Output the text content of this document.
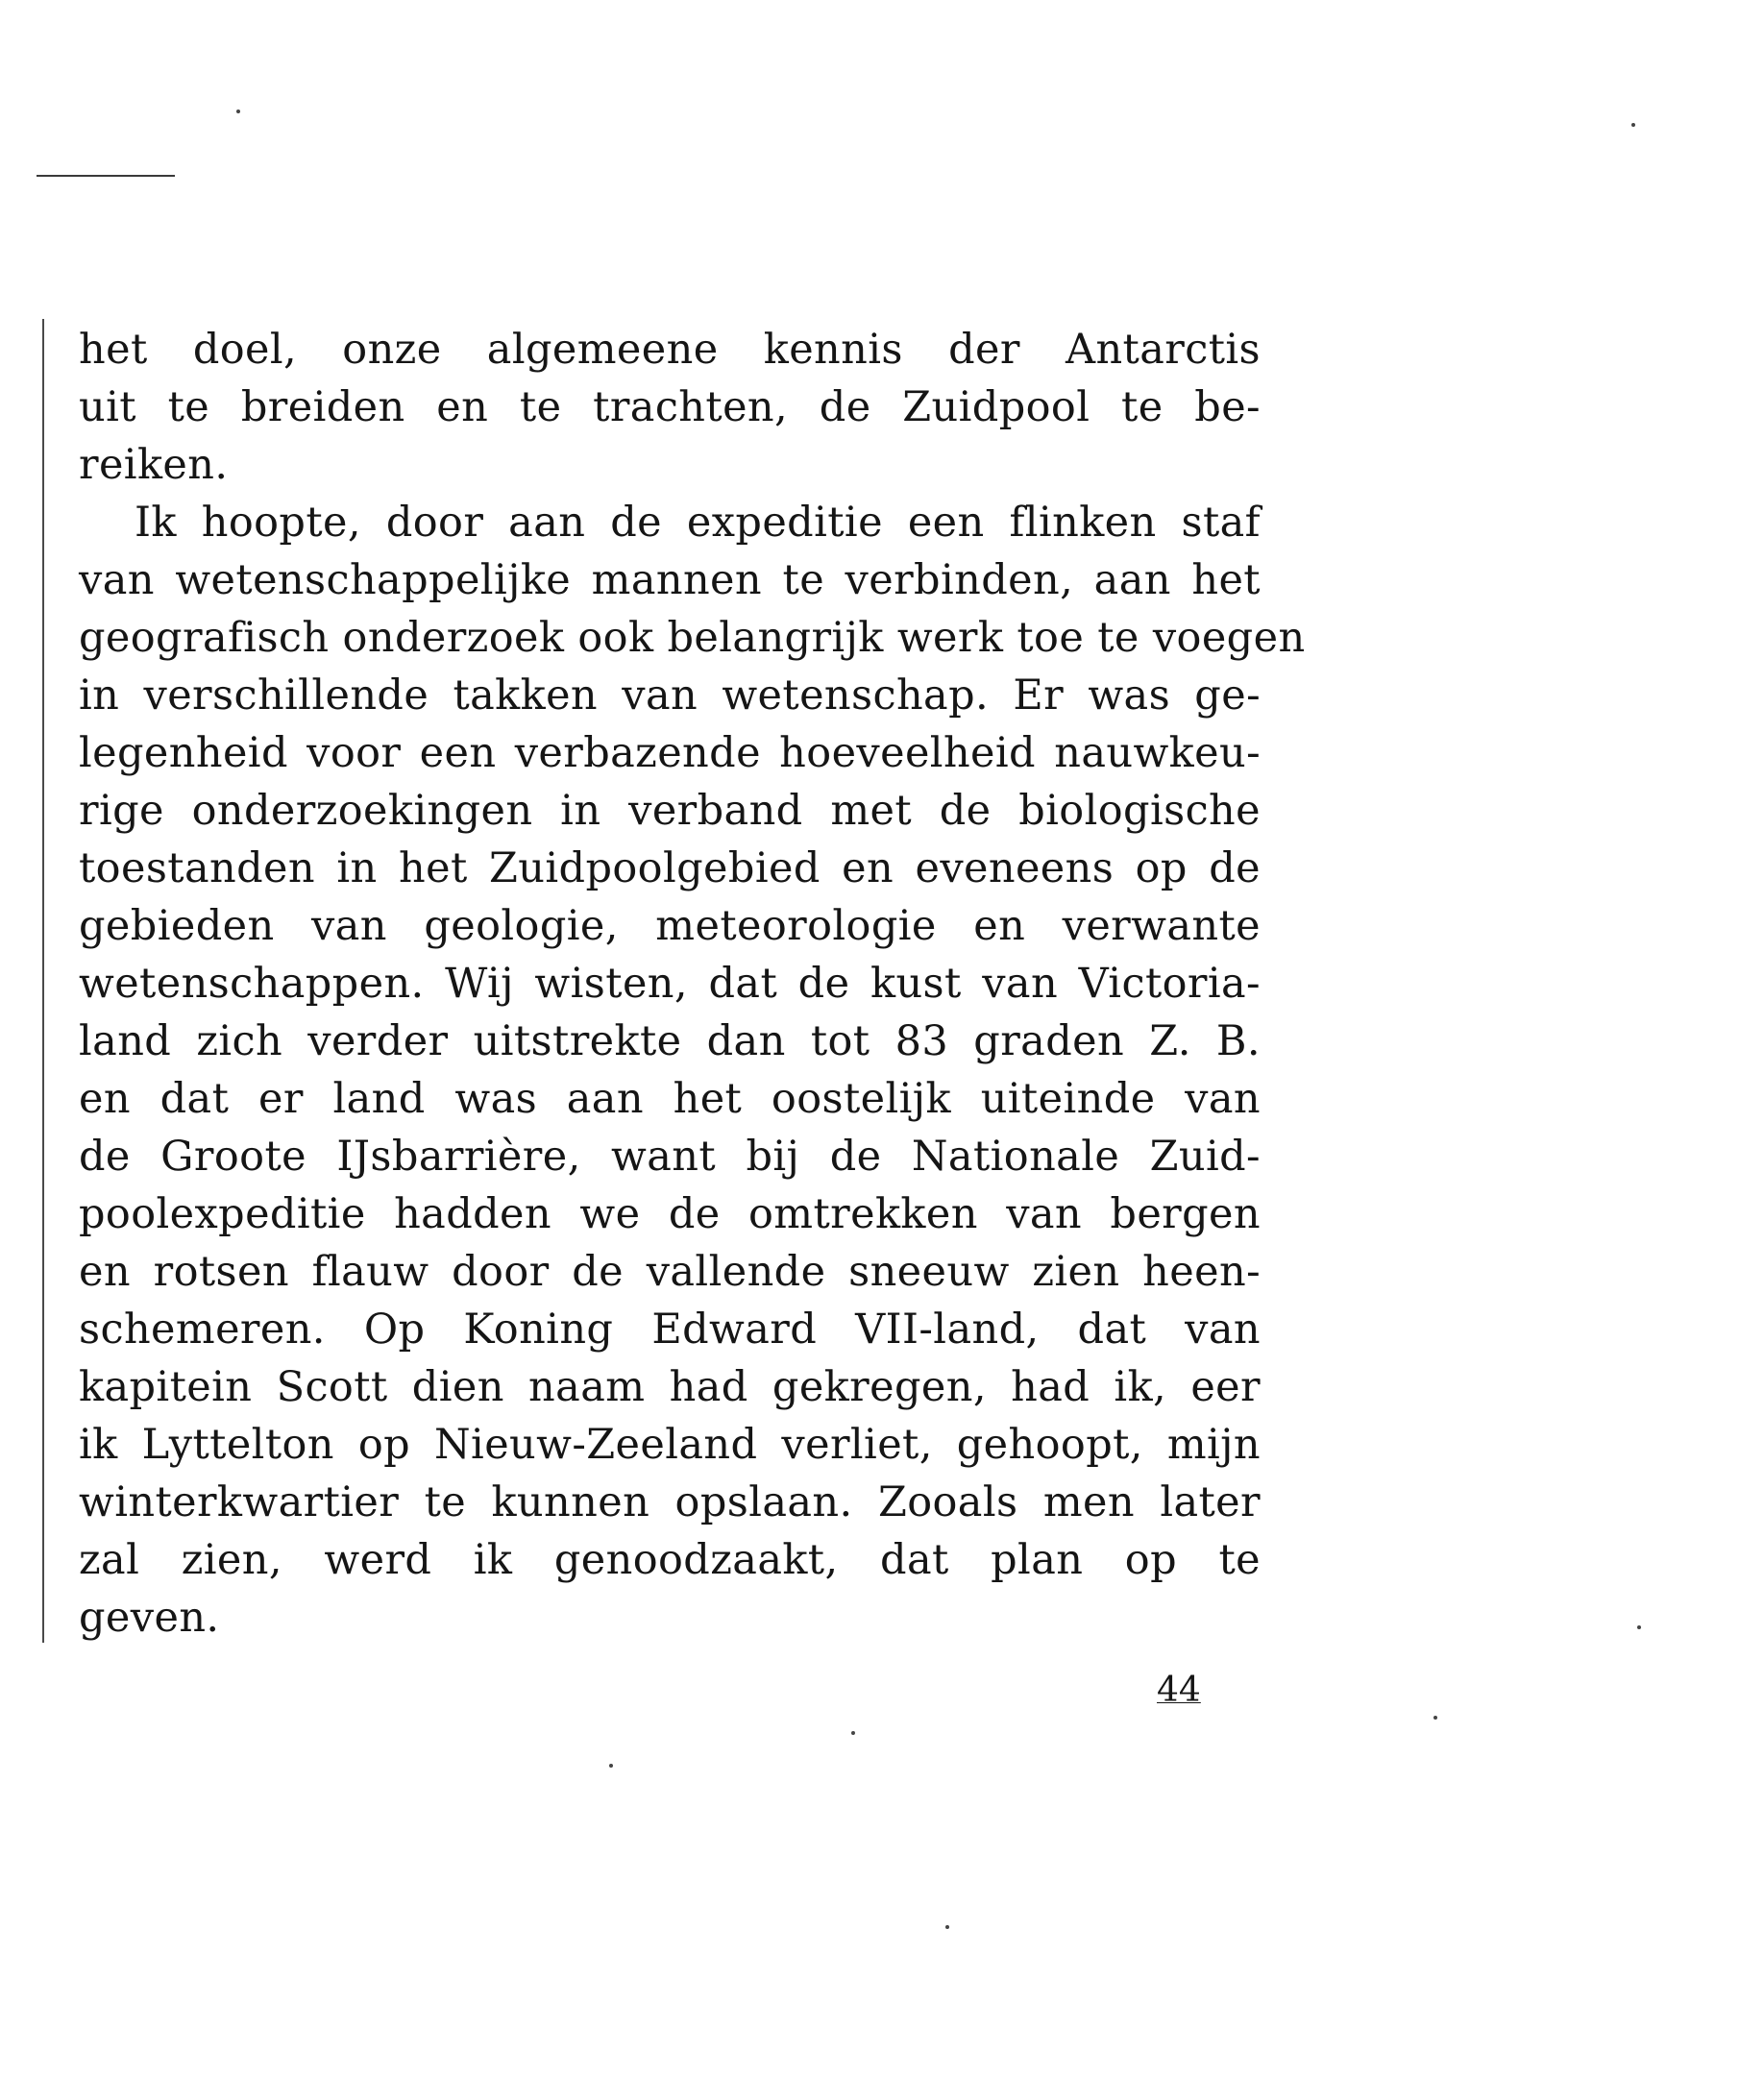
het doel, onze algemeene kennis der Antarctis
uit te breiden en te trachten, de Zuidpool te be-
reiken.
Ik hoopte, door aan de expeditie een flinken staf
van wetenschappelijke mannen te verbinden, aan het
geografisch onderzoek ook belangrijk werk toe te voegen
in verschillende takken van wetenschap. Er was ge-
legenheid voor een verbazende hoeveelheid nauwkeu-
rige onderzoekingen in verband met de biologische
toestanden in het Zuidpoolgebied en eveneens op de
gebieden van geologie, meteorologie en verwante
wetenschappen. Wij wisten, dat de kust van Victoria-
land zich verder uitstrekte dan tot 83 graden Z. B.
en dat er land was aan het oostelijk uiteinde van
de Groote IJsbarrière, want bij de Nationale Zuid-
poolexpeditie hadden we de omtrekken van bergen
en rotsen flauw door de vallende sneeuw zien heen-
schemeren. Op Koning Edward VII-land, dat van
kapitein Scott dien naam had gekregen, had ik, eer
ik Lyttelton op Nieuw-Zeeland verliet, gehoopt, mijn
winterkwartier te kunnen opslaan. Zooals men later
zal zien, werd ik genoodzaakt, dat plan op te
geven.
44
